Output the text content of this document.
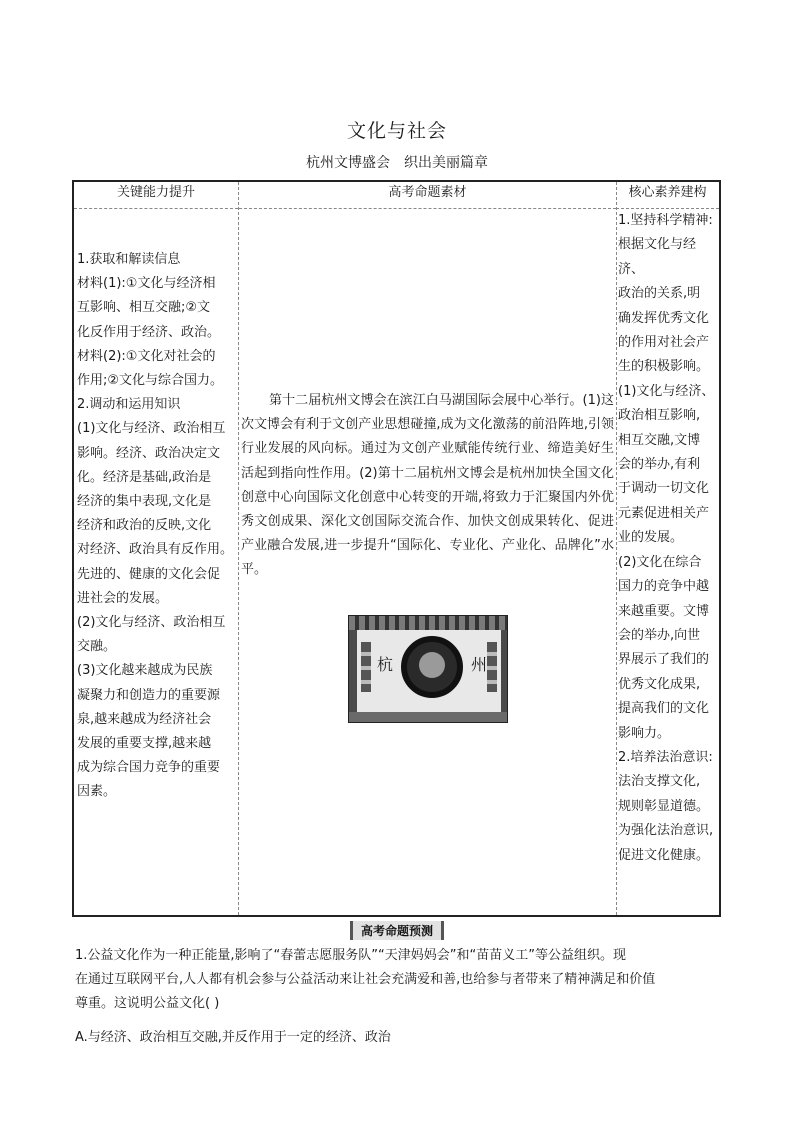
文化与社会
杭州文博盛会 织出美丽篇章
关键能力提升

1.获取和解读信息

材料(1):①文化与经济相

互影响、相互交融;②文

化反作用于经济、政治。

材料(2):①文化对社会的

作用;②文化与综合国力。

2.调动和运用知识

(1)文化与经济、政治相互

影响。经济、政治决定文

化。经济是基础,政治是

经济的集中表现,文化是

经济和政治的反映,文化

对经济、政治具有反作用。

先进的、健康的文化会促

进社会的发展。

(2)文化与经济、政治相互

交融。

(3)文化越来越成为民族

凝聚力和创造力的重要源

泉,越来越成为经济社会

发展的重要支撑,越来越

成为综合国力竞争的重要

因素。

高考命题素材
第十二届杭州文博会在滨江白马湖国际会展中心举行。(1)这次文博会有利于文创产业思想碰撞,成为文化激荡的前沿阵地,引领行业发展的风向标。通过为文创产业赋能传统行业、缔造美好生活起到指向性作用。(2)第十二届杭州文博会是杭州加快全国文化创意中心向国际文化创意中心转变的开端,将致力于汇聚国内外优秀文创成果、深化文创国际交流合作、加快文创成果转化、促进产业融合发展,进一步提升“国际化、专业化、产业化、品牌化”水平。
杭	州
核心素养建构

1.坚持科学精神:

根据文化与经济、

政治的关系,明

确发挥优秀文化

的作用对社会产

生的积极影响。

(1)文化与经济、

政治相互影响,

相互交融,文博

会的举办,有利

于调动一切文化

元素促进相关产

业的发展。

(2)文化在综合

国力的竞争中越

来越重要。文博

会的举办,向世

界展示了我们的

优秀文化成果,

提高我们的文化

影响力。

2.培养法治意识:

法治支撑文化,

规则彰显道德。

为强化法治意识,

促进文化健康。

高考命题预测

1.公益文化作为一种正能量,影响了“春蕾志愿服务队”“天津妈妈会”和“苗苗义工”等公益组织。现

在通过互联网平台,人人都有机会参与公益活动来让社会充满爱和善,也给参与者带来了精神满足和价值

尊重。这说明公益文化( )

A.与经济、政治相互交融,并反作用于一定的经济、政治
